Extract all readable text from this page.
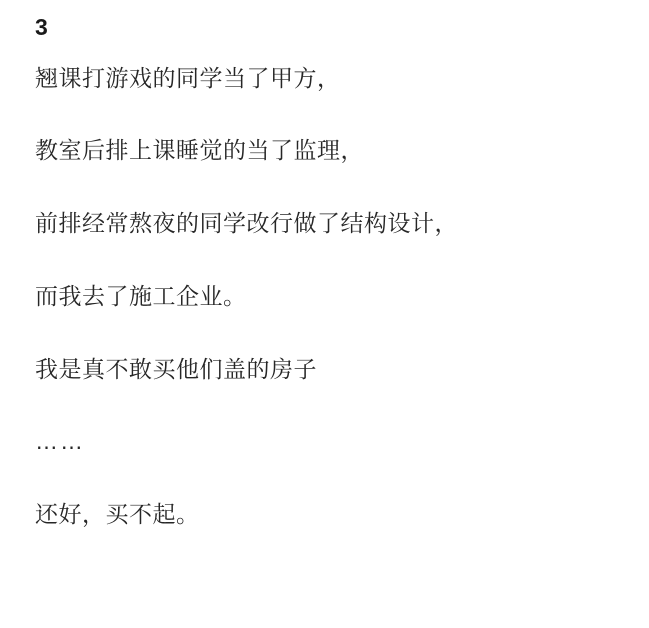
3

翘课打游戏的同学当了甲方，

教室后排上课睡觉的当了监理，

前排经常熬夜的同学改行做了结构设计，

而我去了施工企业。

我是真不敢买他们盖的房子

……

还好，买不起。
